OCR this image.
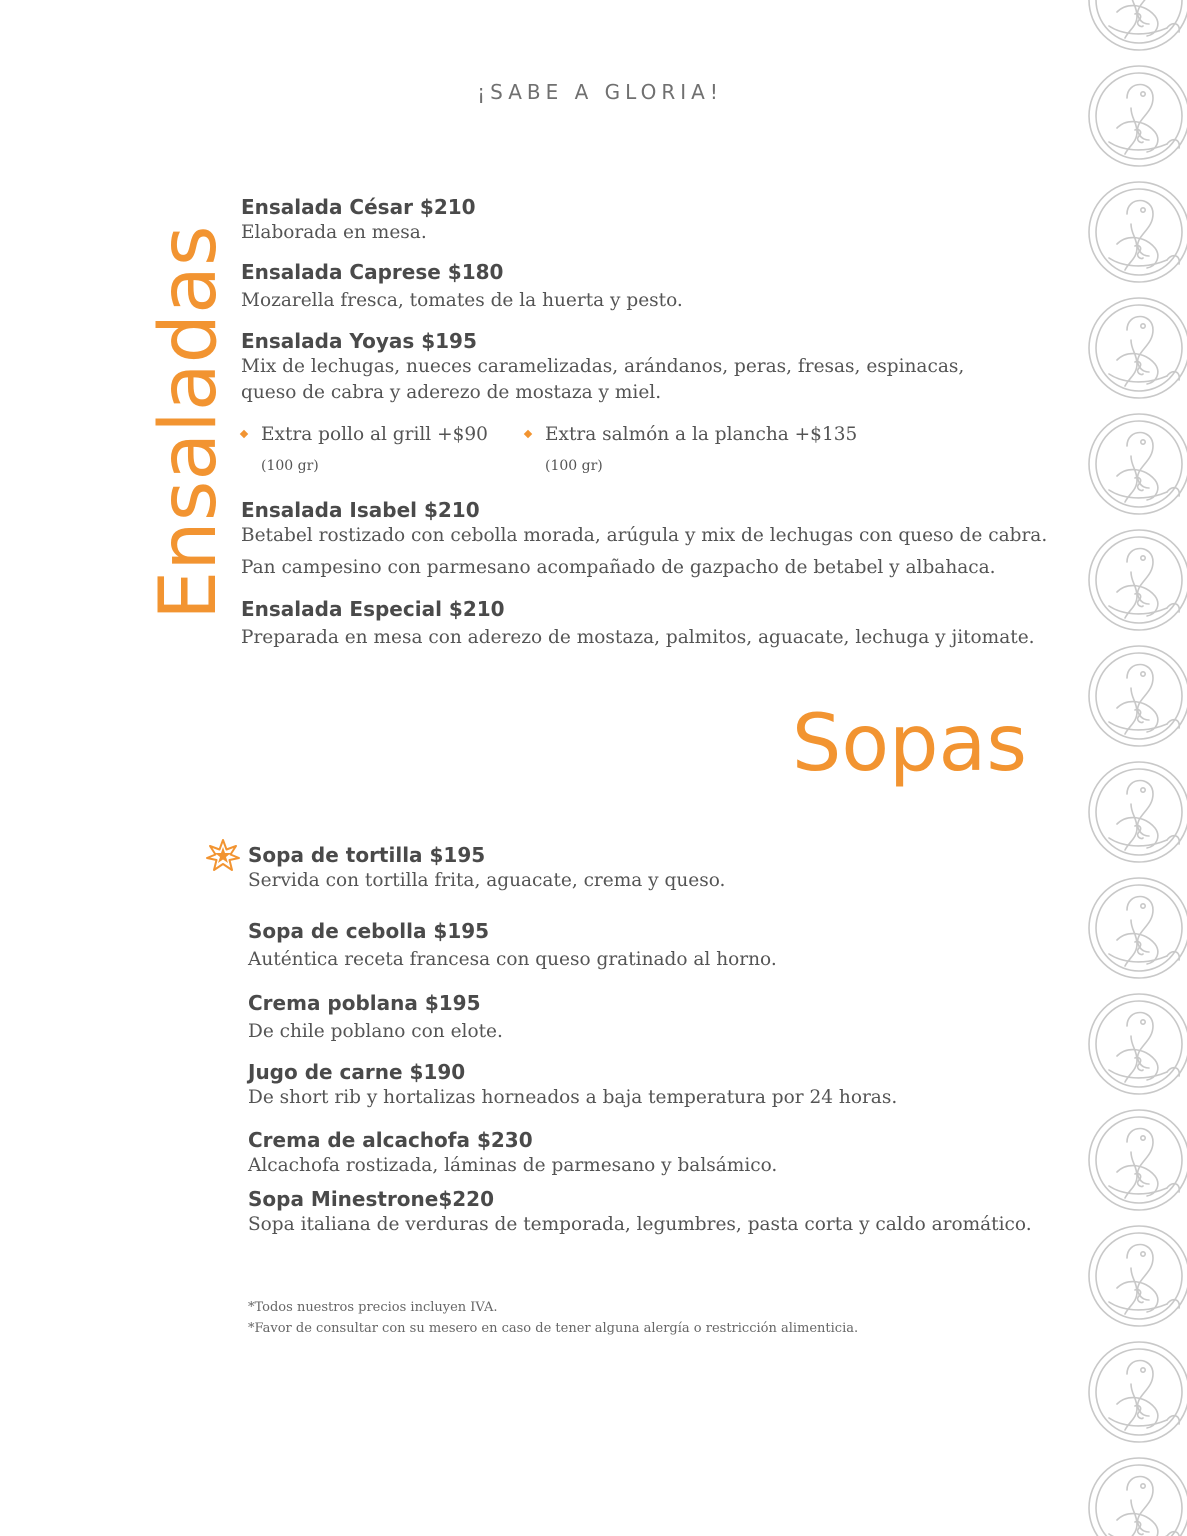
¡SABE A GLORIA!
Ensaladas
Ensalada César $210
Elaborada en mesa.
Ensalada Caprese $180
Mozarella fresca, tomates de la huerta y pesto.
Ensalada Yoyas $195
Mix de lechugas, nueces caramelizadas, arándanos, peras, fresas, espinacas,
queso de cabra y aderezo de mostaza y miel.
Extra pollo al grill +$90
(100 gr)
Extra salmón a la plancha +$135
(100 gr)
Ensalada Isabel $210
Betabel rostizado con cebolla morada, arúgula y mix de lechugas con queso de cabra.
Pan campesino con parmesano acompañado de gazpacho de betabel y albahaca.
Ensalada Especial $210
Preparada en mesa con aderezo de mostaza, palmitos, aguacate, lechuga y jitomate.
Sopas
Sopa de tortilla $195
Servida con tortilla frita, aguacate, crema y queso.
Sopa de cebolla $195
Auténtica receta francesa con queso gratinado al horno.
Crema poblana $195
De chile poblano con elote.
Jugo de carne $190
De short rib y hortalizas horneados a baja temperatura por 24 horas.
Crema de alcachofa $230
Alcachofa rostizada, láminas de parmesano y balsámico.
Sopa Minestrone$220
Sopa italiana de verduras de temporada, legumbres, pasta corta y caldo aromático.
*Todos nuestros precios incluyen IVA.
*Favor de consultar con su mesero en caso de tener alguna alergía o restricción alimenticia.
